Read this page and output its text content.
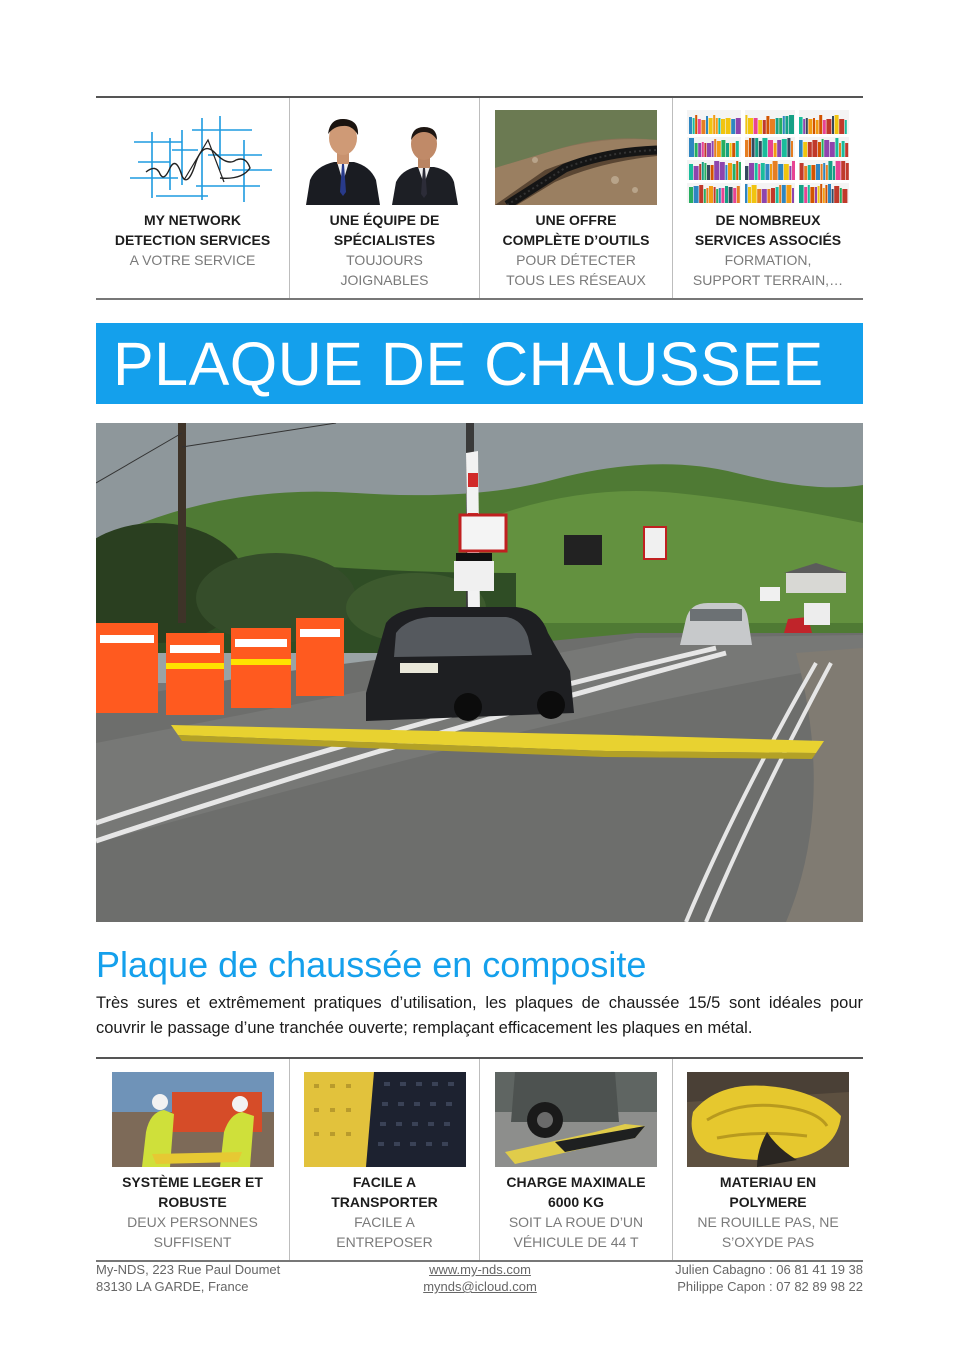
MY NETWORK
DETECTION SERVICES
A VOTRE SERVICE
UNE ÉQUIPE DE
SPÉCIALISTES
TOUJOURS
JOIGNABLES
UNE OFFRE
COMPLÈTE D’OUTILS
POUR DÉTECTER
TOUS LES RÉSEAUX
DE NOMBREUX
SERVICES ASSOCIÉS
FORMATION,
SUPPORT TERRAIN,…
PLAQUE DE CHAUSSEE
Plaque de chaussée en composite
Très sures et extrêmement pratiques d’utilisation, les plaques de chaussée 15/5 sont idéales pour couvrir le passage d’une tranchée ouverte; remplaçant efficacement les plaques en métal.
SYSTÈME LEGER ET
ROBUSTE
DEUX PERSONNES
SUFFISENT
FACILE A
TRANSPORTER
FACILE A
ENTREPOSER
CHARGE MAXIMALE
6000 KG
SOIT LA ROUE D’UN
VÉHICULE DE 44 T
MATERIAU EN
POLYMERE
NE ROUILLE PAS, NE
S’OXYDE PAS
My-NDS, 223 Rue Paul Doumet
83130 LA GARDE, France
www.my-nds.com
mynds@icloud.com
Julien Cabagno : 06 81 41 19 38
Philippe Capon : 07 82 89 98 22
